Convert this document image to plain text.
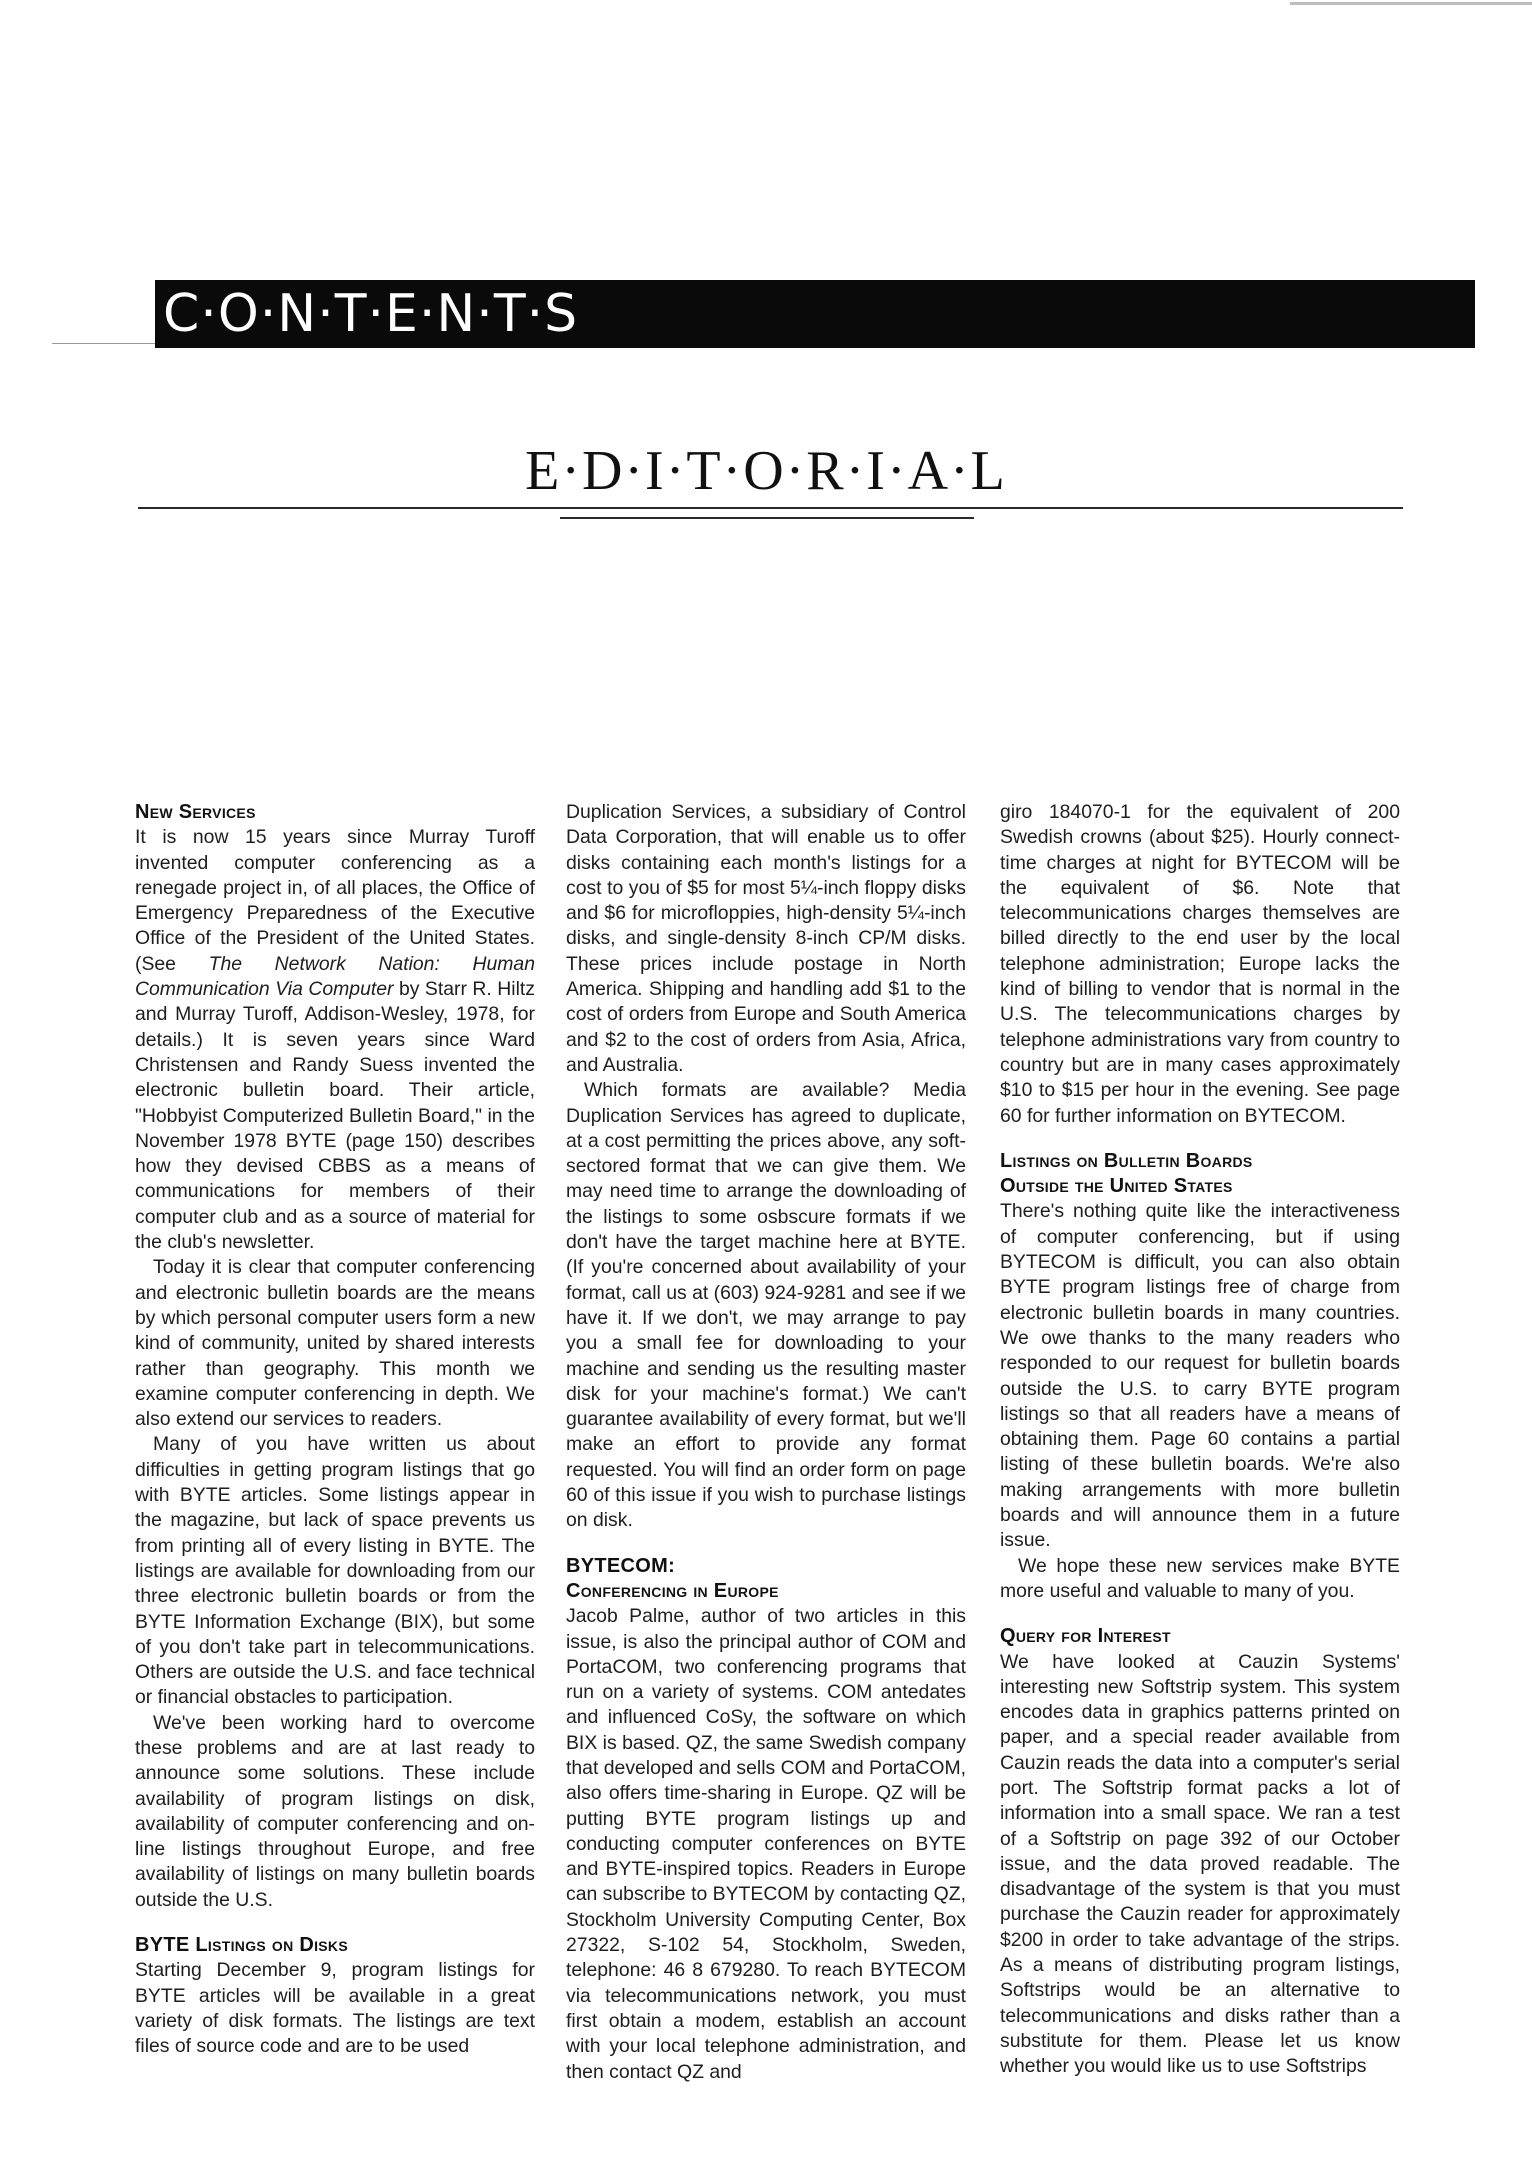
C·O·N·T·E·N·T·S
E·D·I·T·O·R·I·A·L
New Services

It is now 15 years since Murray Turoff invented computer conferencing as a renegade project in, of all places, the Office of Emergency Preparedness of the Executive Office of the President of the United States. (See The Network Nation: Human Communication Via Computer by Starr R. Hiltz and Murray Turoff, Addison-Wesley, 1978, for details.) It is seven years since Ward Christensen and Randy Suess invented the electronic bulletin board. Their article, "Hobbyist Computerized Bulletin Board," in the November 1978 BYTE (page 150) describes how they devised CBBS as a means of communications for members of their computer club and as a source of material for the club's newsletter.

Today it is clear that computer conferencing and electronic bulletin boards are the means by which personal computer users form a new kind of community, united by shared interests rather than geography. This month we examine computer conferencing in depth. We also extend our services to readers.

Many of you have written us about difficulties in getting program listings that go with BYTE articles. Some listings appear in the magazine, but lack of space prevents us from printing all of every listing in BYTE. The listings are available for downloading from our three electronic bulletin boards or from the BYTE Information Exchange (BIX), but some of you don't take part in telecommunications. Others are outside the U.S. and face technical or financial obstacles to participation.

We've been working hard to overcome these problems and are at last ready to announce some solutions. These include availability of program listings on disk, availability of computer conferencing and on-line listings throughout Europe, and free availability of listings on many bulletin boards outside the U.S.

BYTE Listings on Disks

Starting December 9, program listings for BYTE articles will be available in a great variety of disk formats. The listings are text files of source code and are to be used

Duplication Services, a subsidiary of Control Data Corporation, that will enable us to offer disks containing each month's listings for a cost to you of $5 for most 5¼-inch floppy disks and $6 for microfloppies, high-density 5¼-inch disks, and single-density 8-inch CP/M disks. These prices include postage in North America. Shipping and handling add $1 to the cost of orders from Europe and South America and $2 to the cost of orders from Asia, Africa, and Australia.

Which formats are available? Media Duplication Services has agreed to duplicate, at a cost permitting the prices above, any soft-sectored format that we can give them. We may need time to arrange the downloading of the listings to some osbscure formats if we don't have the target machine here at BYTE. (If you're concerned about availability of your format, call us at (603) 924-9281 and see if we have it. If we don't, we may arrange to pay you a small fee for downloading to your machine and sending us the resulting master disk for your machine's format.) We can't guarantee availability of every format, but we'll make an effort to provide any format requested. You will find an order form on page 60 of this issue if you wish to purchase listings on disk.

BYTECOM:
Conferencing in Europe

Jacob Palme, author of two articles in this issue, is also the principal author of COM and PortaCOM, two conferencing programs that run on a variety of systems. COM antedates and influenced CoSy, the software on which BIX is based. QZ, the same Swedish company that developed and sells COM and PortaCOM, also offers time-sharing in Europe. QZ will be putting BYTE program listings up and conducting computer conferences on BYTE and BYTE-inspired topics. Readers in Europe can subscribe to BYTECOM by contacting QZ, Stockholm University Computing Center, Box 27322, S-102 54, Stockholm, Sweden, telephone: 46 8 679280. To reach BYTECOM via telecommunications network, you must first obtain a modem, establish an account with your local telephone administration, and then contact QZ and

giro 184070-1 for the equivalent of 200 Swedish crowns (about $25). Hourly connect-time charges at night for BYTECOM will be the equivalent of $6. Note that telecommunications charges themselves are billed directly to the end user by the local telephone administration; Europe lacks the kind of billing to vendor that is normal in the U.S. The telecommunications charges by telephone administrations vary from country to country but are in many cases approximately $10 to $15 per hour in the evening. See page 60 for further information on BYTECOM.

Listings on Bulletin Boards
Outside the United States

There's nothing quite like the interactiveness of computer conferencing, but if using BYTECOM is difficult, you can also obtain BYTE program listings free of charge from electronic bulletin boards in many countries. We owe thanks to the many readers who responded to our request for bulletin boards outside the U.S. to carry BYTE program listings so that all readers have a means of obtaining them. Page 60 contains a partial listing of these bulletin boards. We're also making arrangements with more bulletin boards and will announce them in a future issue.

We hope these new services make BYTE more useful and valuable to many of you.

Query for Interest

We have looked at Cauzin Systems' interesting new Softstrip system. This system encodes data in graphics patterns printed on paper, and a special reader available from Cauzin reads the data into a computer's serial port. The Softstrip format packs a lot of information into a small space. We ran a test of a Softstrip on page 392 of our October issue, and the data proved readable. The disadvantage of the system is that you must purchase the Cauzin reader for approximately $200 in order to take advantage of the strips. As a means of distributing program listings, Softstrips would be an alternative to telecommunications and disks rather than a substitute for them. Please let us know whether you would like us to use Softstrips
